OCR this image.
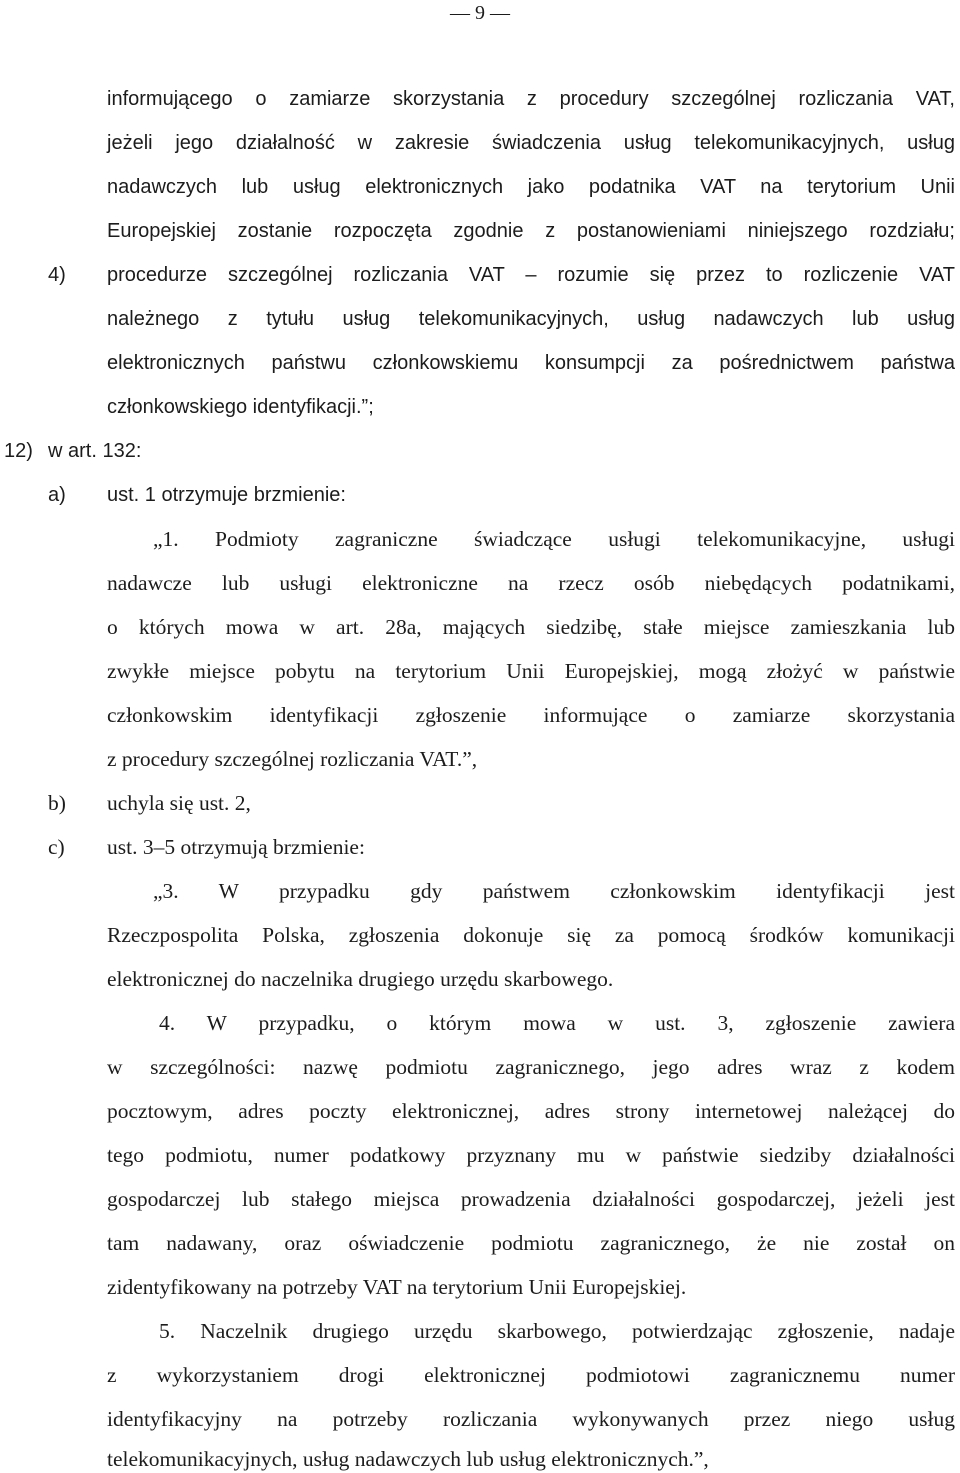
— 9 —
informującego o zamiarze skorzystania z procedury szczególnej rozliczania VAT,
jeżeli jego działalność w zakresie świadczenia usług telekomunikacyjnych, usług
nadawczych lub usług elektronicznych jako podatnika VAT na terytorium Unii
Europejskiej zostanie rozpoczęta zgodnie z postanowieniami niniejszego rozdziału;
4) procedurze szczególnej rozliczania VAT – rozumie się przez to rozliczenie VAT
należnego z tytułu usług telekomunikacyjnych, usług nadawczych lub usług
elektronicznych państwu członkowskiemu konsumpcji za pośrednictwem państwa
członkowskiego identyfikacji.”;
12) w art. 132:
a) ust. 1 otrzymuje brzmienie:
„1. Podmioty zagraniczne świadczące usługi telekomunikacyjne, usługi
nadawcze lub usługi elektroniczne na rzecz osób niebędących podatnikami,
o których mowa w art. 28a, mających siedzibę, stałe miejsce zamieszkania lub
zwykłe miejsce pobytu na terytorium Unii Europejskiej, mogą złożyć w państwie
członkowskim identyfikacji zgłoszenie informujące o zamiarze skorzystania
z procedury szczególnej rozliczania VAT.”,
b) uchyla się ust. 2,
c) ust. 3–5 otrzymują brzmienie:
„3. W przypadku gdy państwem członkowskim identyfikacji jest
Rzeczpospolita Polska, zgłoszenia dokonuje się za pomocą środków komunikacji
elektronicznej do naczelnika drugiego urzędu skarbowego.
4. W przypadku, o którym mowa w ust. 3, zgłoszenie zawiera
w szczególności: nazwę podmiotu zagranicznego, jego adres wraz z kodem
pocztowym, adres poczty elektronicznej, adres strony internetowej należącej do
tego podmiotu, numer podatkowy przyznany mu w państwie siedziby działalności
gospodarczej lub stałego miejsca prowadzenia działalności gospodarczej, jeżeli jest
tam nadawany, oraz oświadczenie podmiotu zagranicznego, że nie został on
zidentyfikowany na potrzeby VAT na terytorium Unii Europejskiej.
5. Naczelnik drugiego urzędu skarbowego, potwierdzając zgłoszenie, nadaje
z wykorzystaniem drogi elektronicznej podmiotowi zagranicznemu numer
identyfikacyjny na potrzeby rozliczania wykonywanych przez niego usług
telekomunikacyjnych, usług nadawczych lub usług elektronicznych.”,
